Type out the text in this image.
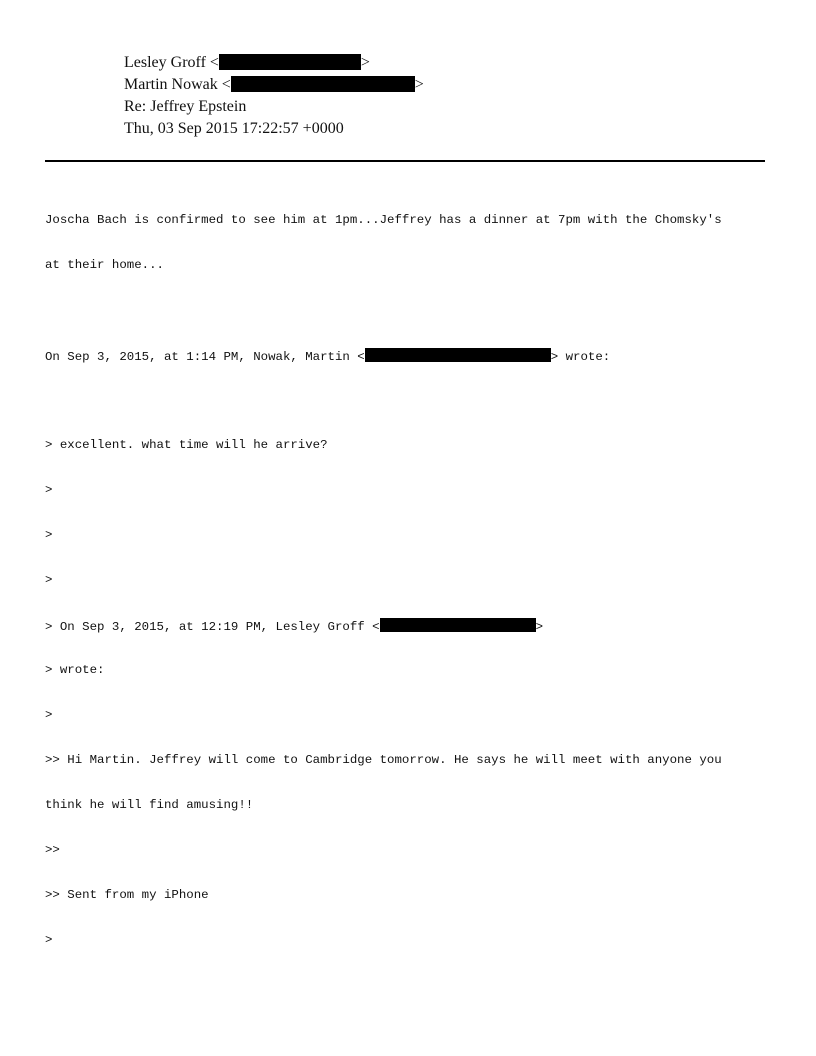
Lesley Groff <	>
Martin Nowak <	>
Re: Jeffrey Epstein
Thu, 03 Sep 2015 17:22:57 +0000

Joscha Bach is confirmed to see him at 1pm...Jeffrey has a dinner at 7pm with the Chomsky's

at their home...

On Sep 3, 2015, at 1:14 PM, Nowak, Martin <	> wrote:

> excellent. what time will he arrive?

>

>

>

> On Sep 3, 2015, at 12:19 PM, Lesley Groff <	>

> wrote:

>

>> Hi Martin. Jeffrey will come to Cambridge tomorrow. He says he will meet with anyone you

think he will find amusing!!

>>

>> Sent from my iPhone

>
